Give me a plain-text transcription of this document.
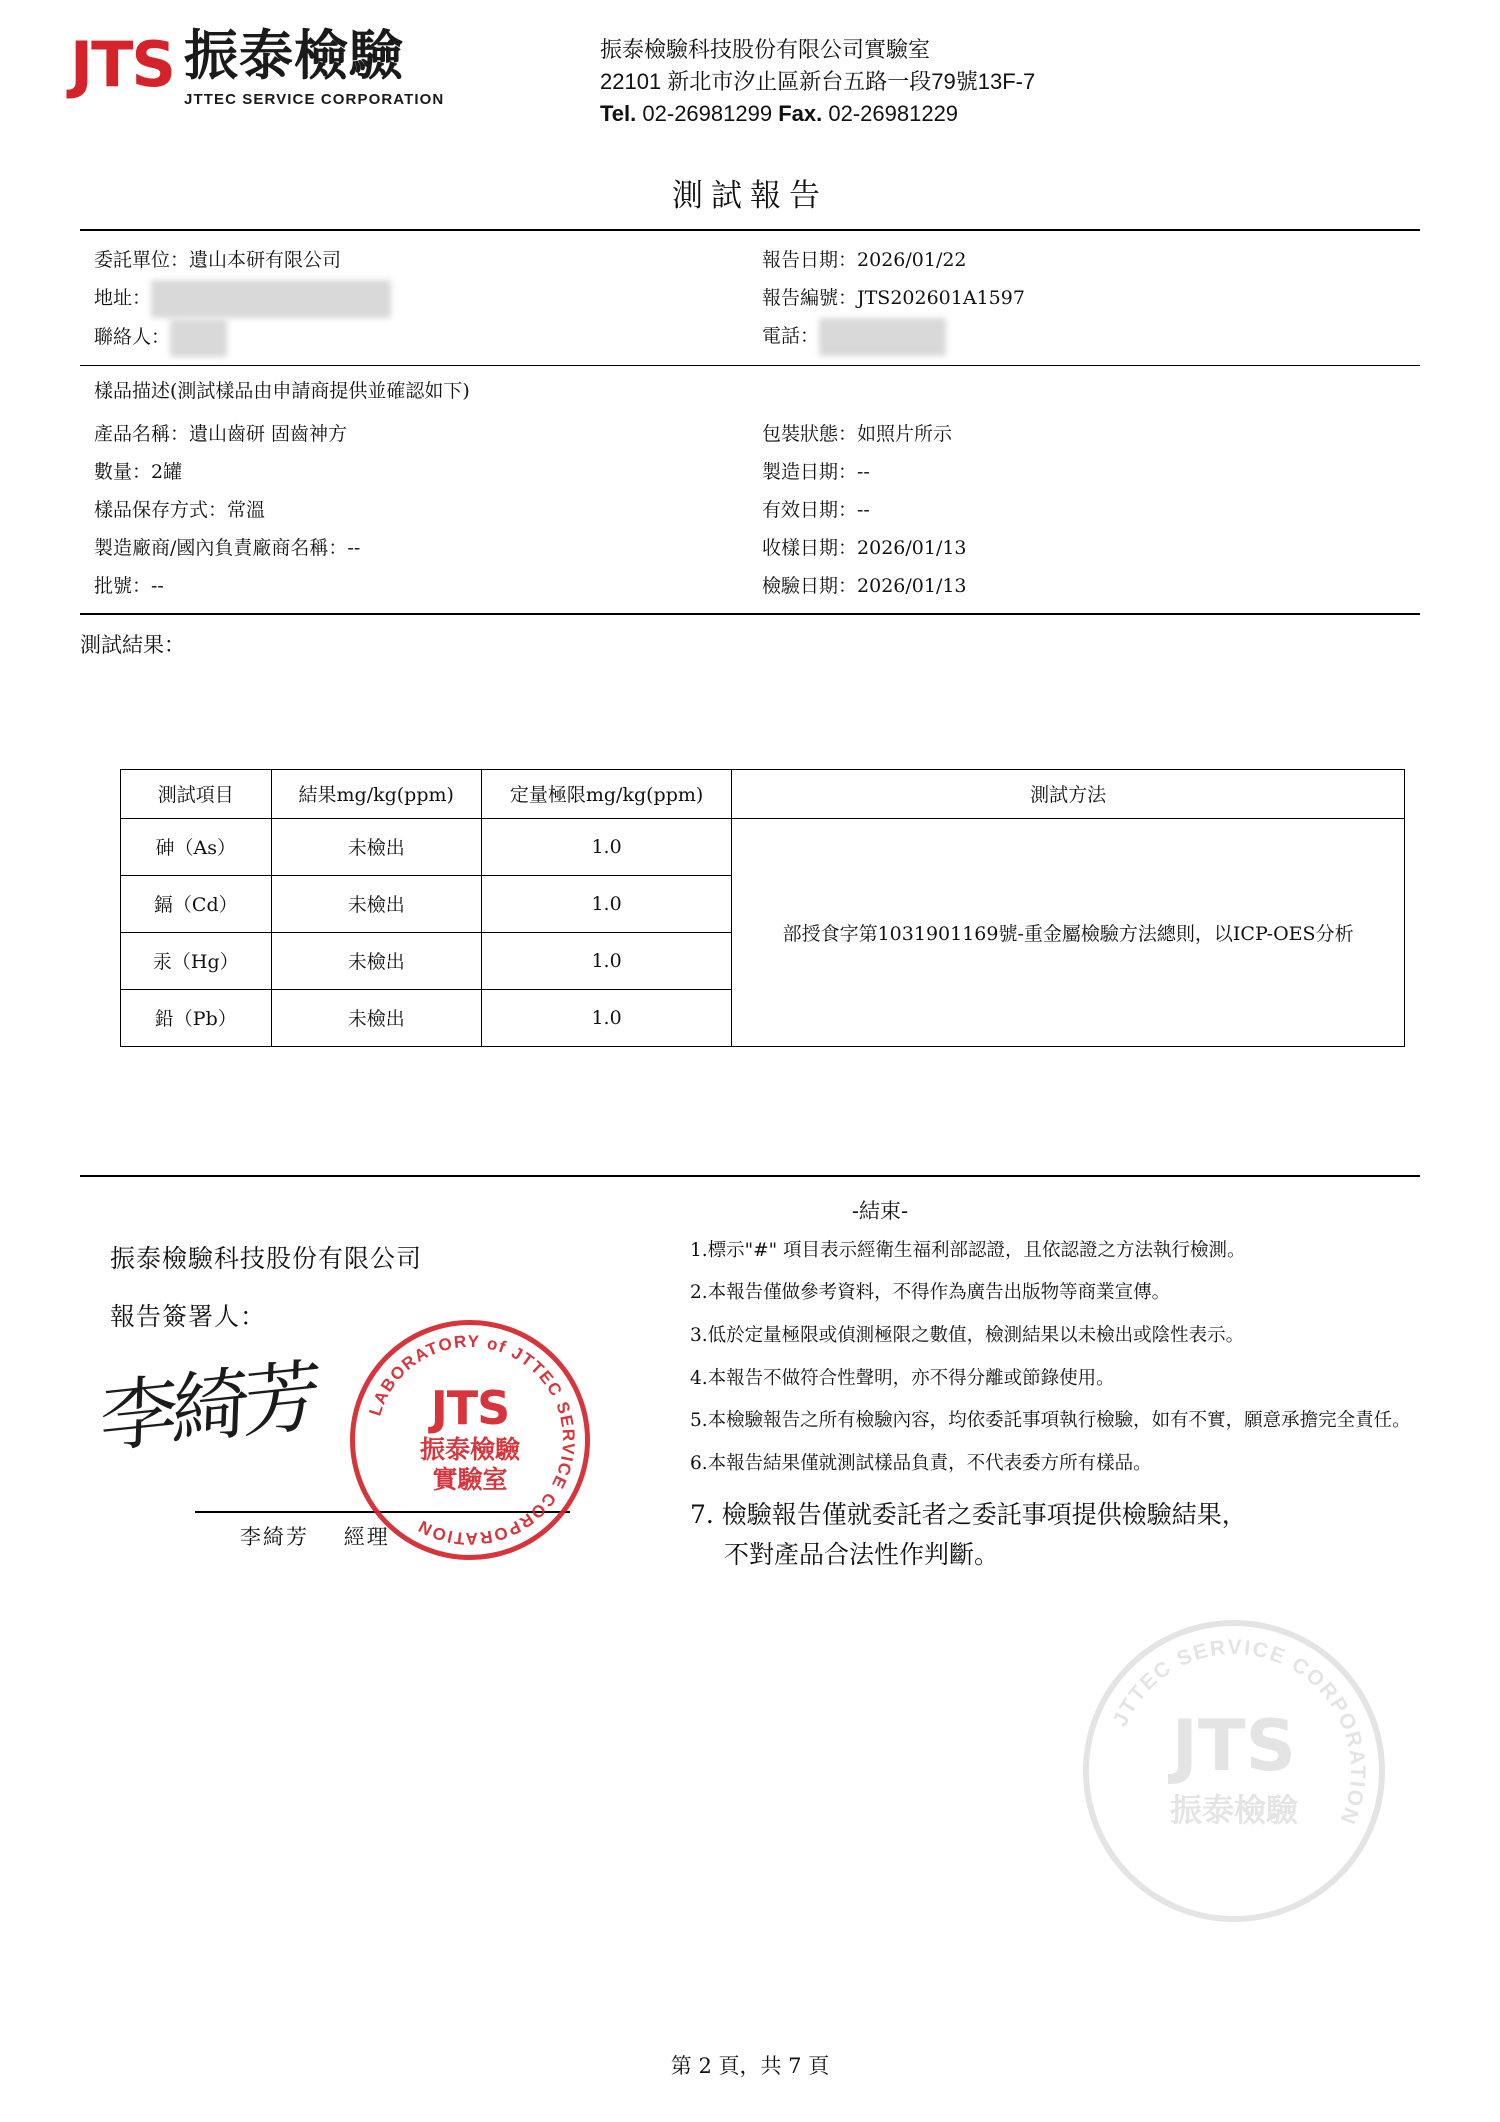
JTS 振泰檢驗
JTTEC SERVICE CORPORATION
振泰檢驗科技股份有限公司實驗室
22101 新北市汐止區新台五路一段79號13F-7
Tel. 02-26981299 Fax. 02-26981229
測試報告
委託單位：遺山本研有限公司
地址：
聯絡人：
報告日期：2026/01/22
報告編號：JTS202601A1597
電話：
樣品描述(測試樣品由申請商提供並確認如下)
產品名稱：遺山齒研 固齒神方
數量：2罐
樣品保存方式：常溫
製造廠商/國內負責廠商名稱：--
批號：--
包裝狀態：如照片所示
製造日期：--
有效日期：--
收樣日期：2026/01/13
檢驗日期：2026/01/13
測試結果：
測試項目	結果mg/kg(ppm)	定量極限mg/kg(ppm)	測試方法
砷（As）	未檢出	1.0	部授食字第1031901169號-重金屬檢驗方法總則，以ICP-OES分析
鎘（Cd）	未檢出	1.0	
汞（Hg）	未檢出	1.0	
鉛（Pb）	未檢出	1.0	
-結束-
振泰檢驗科技股份有限公司
報告簽署人：
李綺芳	LABORATORY of JTTEC SERVICE CORPORATION
JTS
振泰檢驗
實驗室
李綺芳 經理
1.標示"#" 項目表示經衛生福利部認證，且依認證之方法執行檢測。
2.本報告僅做參考資料，不得作為廣告出版物等商業宣傳。
3.低於定量極限或偵測極限之數值，檢測結果以未檢出或陰性表示。
4.本報告不做符合性聲明，亦不得分離或節錄使用。
5.本檢驗報告之所有檢驗內容，均依委託事項執行檢驗，如有不實，願意承擔完全責任。
6.本報告結果僅就測試樣品負責，不代表委方所有樣品。
7. 檢驗報告僅就委託者之委託事項提供檢驗結果，
不對產品合法性作判斷。
JTTEC SERVICE CORPORATION
JTS
振泰檢驗
第 2 頁，共 7 頁
